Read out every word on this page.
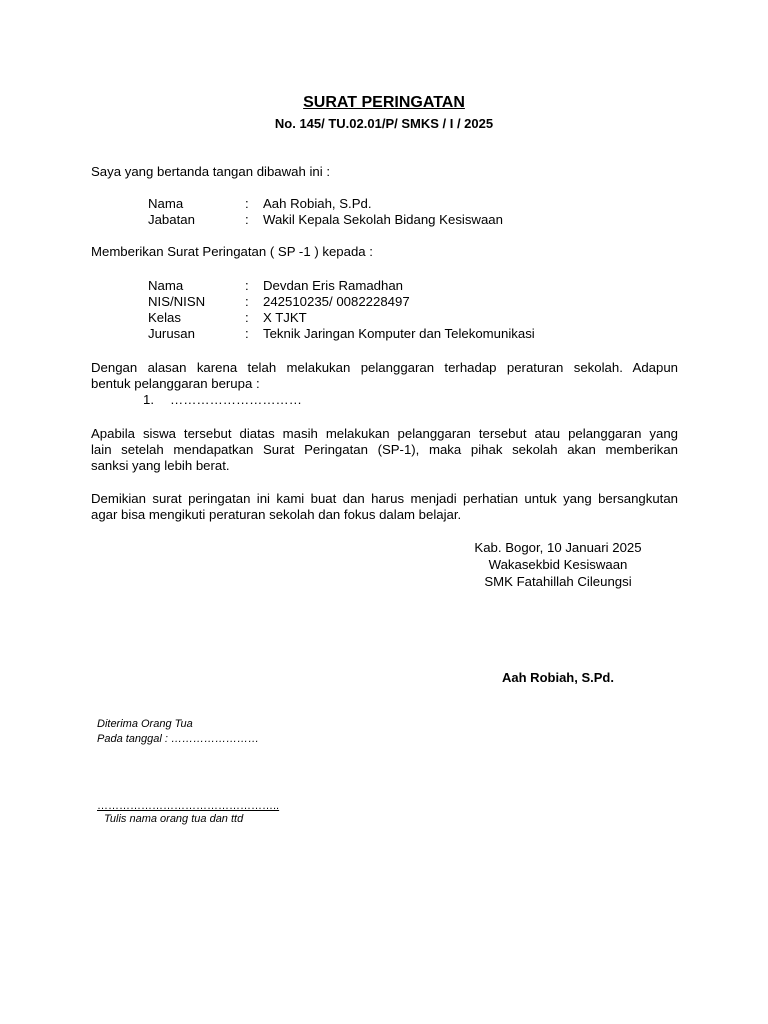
SURAT PERINGATAN
No. 145/ TU.02.01/P/ SMKS / I / 2025
Saya yang bertanda tangan dibawah ini :
Nama	: Aah Robiah, S.Pd.
Jabatan	: Wakil Kepala Sekolah Bidang Kesiswaan
Memberikan Surat Peringatan ( SP -1 ) kepada :
Nama	: Devdan Eris Ramadhan
NIS/NISN	: 242510235/ 0082228497
Kelas	: X TJKT
Jurusan	: Teknik Jaringan Komputer dan Telekomunikasi
Dengan alasan karena telah melakukan pelanggaran terhadap peraturan sekolah. Adapun
bentuk pelanggaran berupa :
1. …………………………
Apabila siswa tersebut diatas masih melakukan pelanggaran tersebut atau pelanggaran yang
lain setelah mendapatkan Surat Peringatan (SP-1), maka pihak sekolah akan memberikan
sanksi yang lebih berat.
Demikian surat peringatan ini kami buat dan harus menjadi perhatian untuk yang bersangkutan
agar bisa mengikuti peraturan sekolah dan fokus dalam belajar.
Kab. Bogor, 10 Januari 2025
Wakasekbid Kesiswaan
SMK Fatahillah Cileungsi
Aah Robiah, S.Pd.
Diterima Orang Tua
Pada tanggal : ……………………
…………………………………………..
Tulis nama orang tua dan ttd
